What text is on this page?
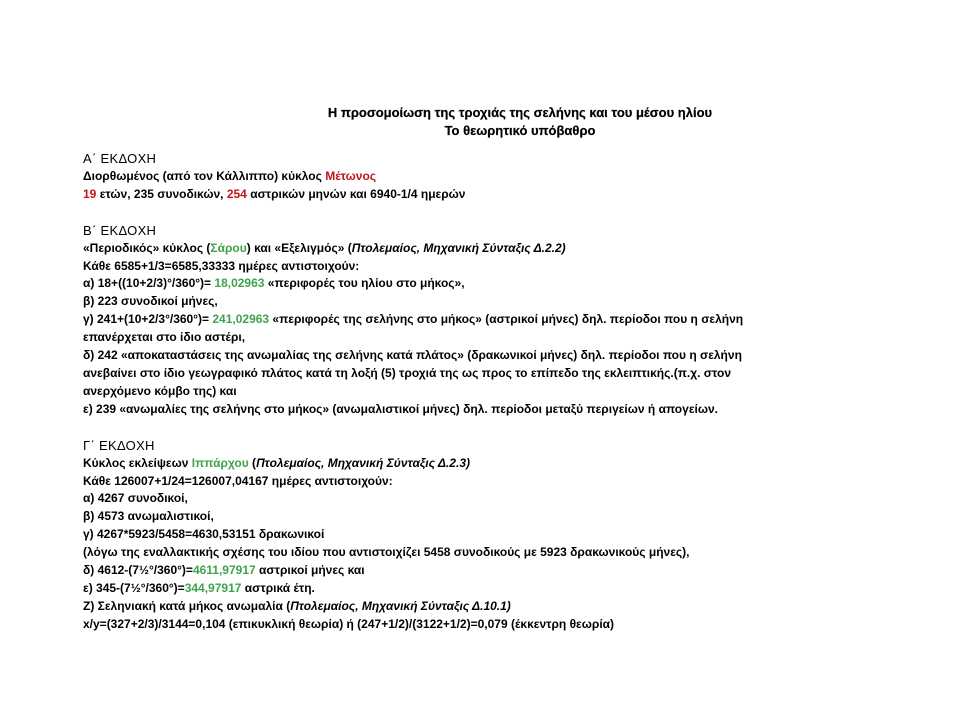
Η προσομοίωση της τροχιάς της σελήνης και του μέσου ηλίου
Το θεωρητικό υπόβαθρο
Α΄ ΕΚΔΟΧΗ
Διορθωμένος (από τον Κάλλιππο) κύκλος Μέτωνος
19 ετών, 235 συνοδικών, 254 αστρικών μηνών και 6940-1/4 ημερών
Β΄ ΕΚΔΟΧΗ
«Περιοδικός» κύκλος (Σάρου) και «Εξελιγμός» (Πτολεμαίος, Μηχανική Σύνταξις Δ.2.2)
Κάθε 6585+1/3=6585,33333 ημέρες αντιστοιχούν:
α) 18+((10+2/3)°/360°)= 18,02963 «περιφορές του ηλίου στο μήκος»,
β) 223 συνοδικοί μήνες,
γ) 241+(10+2/3°/360°)= 241,02963 «περιφορές της σελήνης στο μήκος» (αστρικοί μήνες) δηλ. περίοδοι που η σελήνη
επανέρχεται στο ίδιο αστέρι,
δ) 242 «αποκαταστάσεις της ανωμαλίας της σελήνης κατά πλάτος» (δρακωνικοί μήνες) δηλ. περίοδοι που η σελήνη
ανεβαίνει στο ίδιο γεωγραφικό πλάτος κατά τη λοξή (5) τροχιά της ως προς το επίπεδο της εκλειπτικής.(π.χ. στον
ανερχόμενο κόμβο της) και
ε) 239 «ανωμαλίες της σελήνης στο μήκος» (ανωμαλιστικοί μήνες) δηλ. περίοδοι μεταξύ περιγείων ή απογείων.
Γ΄ ΕΚΔΟΧΗ
Κύκλος εκλείψεων Ιππάρχου (Πτολεμαίος, Μηχανική Σύνταξις Δ.2.3)
Κάθε 126007+1/24=126007,04167 ημέρες αντιστοιχούν:
α) 4267 συνοδικοί,
β) 4573 ανωμαλιστικοί,
γ) 4267*5923/5458=4630,53151 δρακωνικοί
(λόγω της εναλλακτικής σχέσης του ιδίου που αντιστοιχίζει 5458 συνοδικούς με 5923 δρακωνικούς μήνες),
δ) 4612-(7½°/360°)=4611,97917 αστρικοί μήνες και
ε) 345-(7½°/360°)=344,97917 αστρικά έτη.
Ζ) Σεληνιακή κατά μήκος ανωμαλία (Πτολεμαίος, Μηχανική Σύνταξις Δ.10.1)
x/y=(327+2/3)/3144=0,104 (επικυκλική θεωρία) ή (247+1/2)/(3122+1/2)=0,079 (έκκεντρη θεωρία)
